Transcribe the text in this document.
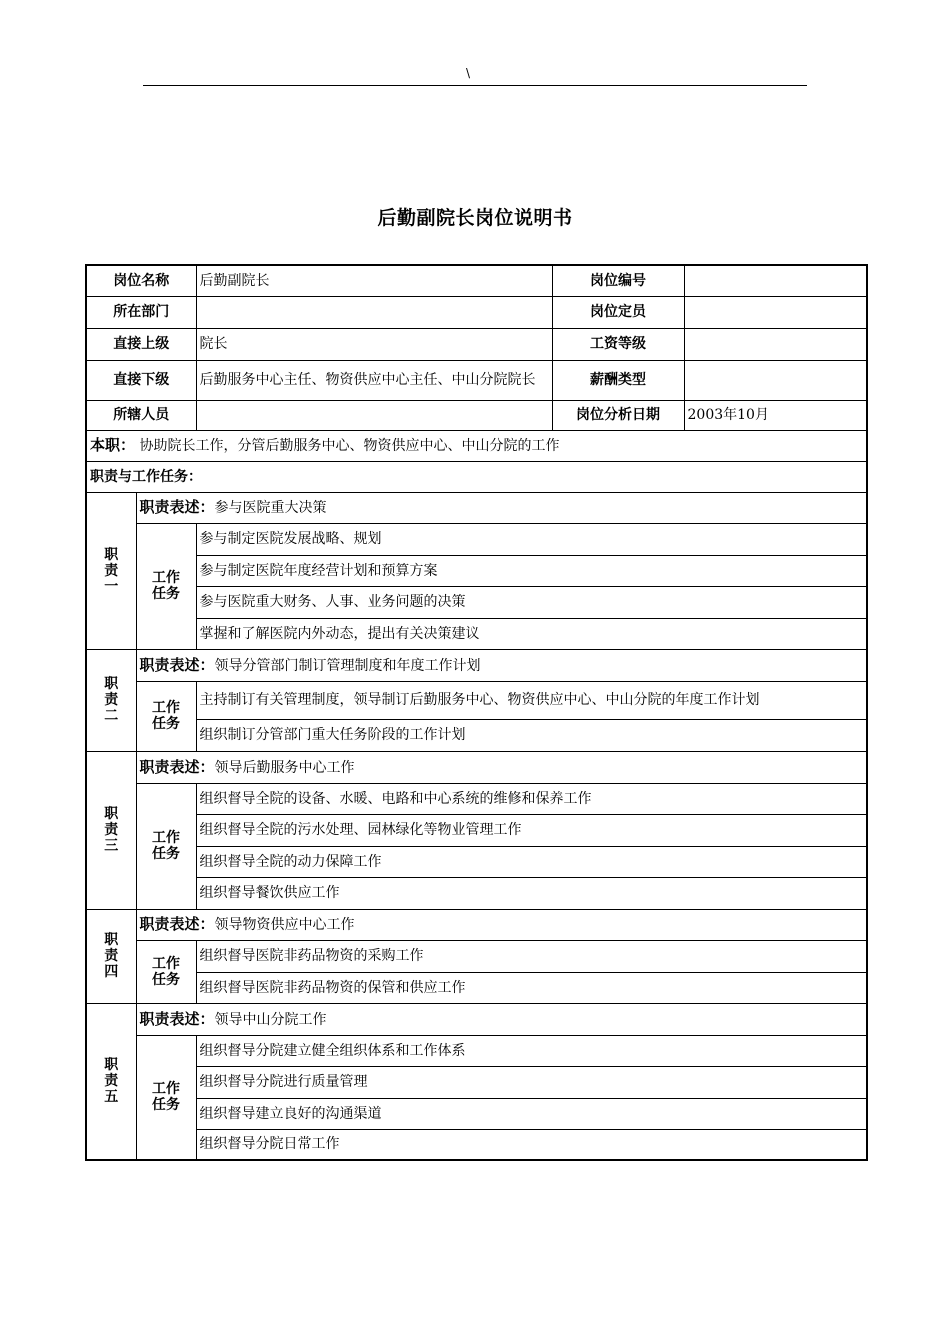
\
后勤副院长岗位说明书
岗位名称		后勤副院长	岗位编号	
所在部门			岗位定员	
直接上级		院长	工资等级	
直接下级		后勤服务中心主任、物资供应中心主任、中山分院院长	薪酬类型	
所辖人员			岗位分析日期	2003年10月
本职： 协助院长工作，分管后勤服务中心、物资供应中心、中山分院的工作				
职责与工作任务：				
职
责
一	职责表述：参与医院重大决策			
	工作
任务	参与制定医院发展战略、规划		
		参与制定医院年度经营计划和预算方案		
		参与医院重大财务、人事、业务问题的决策		
		掌握和了解医院内外动态，提出有关决策建议		
职
责
二	职责表述：领导分管部门制订管理制度和年度工作计划			
	工作
任务	主持制订有关管理制度，领导制订后勤服务中心、物资供应中心、中山分院的年度工作计划		
		组织制订分管部门重大任务阶段的工作计划		
职
责
三	职责表述：领导后勤服务中心工作			
	工作
任务	组织督导全院的设备、水暖、电路和中心系统的维修和保养工作		
		组织督导全院的污水处理、园林绿化等物业管理工作		
		组织督导全院的动力保障工作		
		组织督导餐饮供应工作		
职
责
四	职责表述：领导物资供应中心工作			
	工作
任务	组织督导医院非药品物资的采购工作		
		组织督导医院非药品物资的保管和供应工作		
职
责
五	职责表述：领导中山分院工作			
	工作
任务	组织督导分院建立健全组织体系和工作体系		
		组织督导分院进行质量管理		
		组织督导建立良好的沟通渠道		
		组织督导分院日常工作		
